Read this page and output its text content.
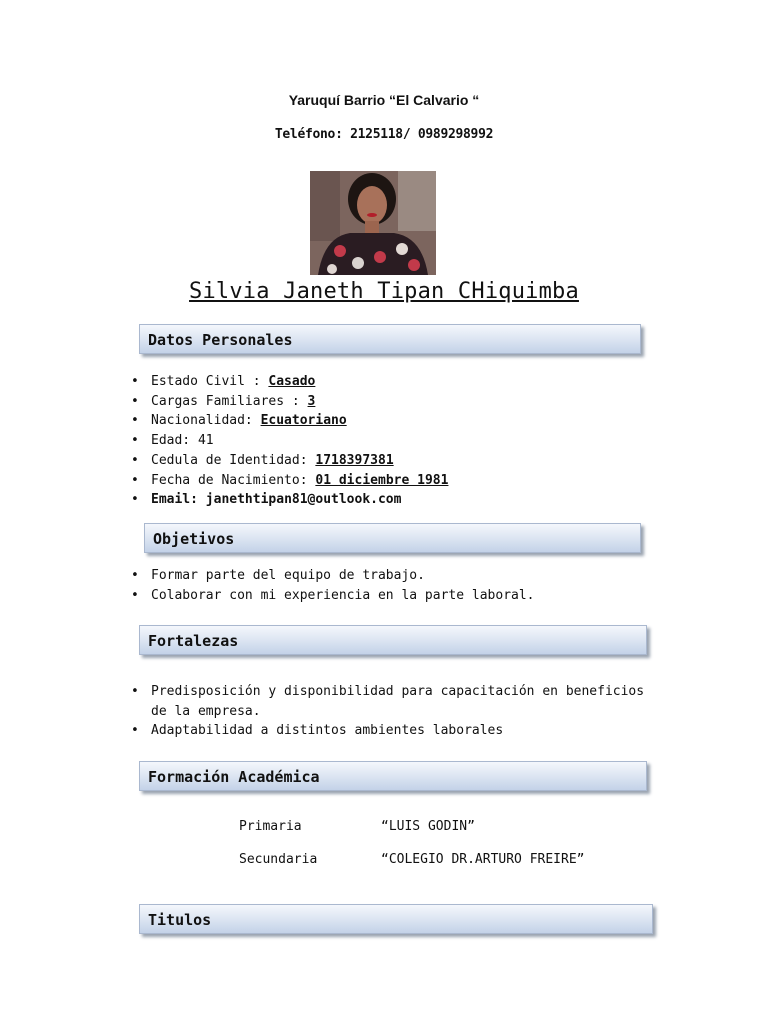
Yaruquí Barrio “El Calvario “
Teléfono: 2125118/ 0989298992
Silvia Janeth Tipan CHiquimba
Datos Personales
• Estado Civil : Casado
• Cargas Familiares : 3
• Nacionalidad: Ecuatoriano
• Edad: 41
• Cedula de Identidad: 1718397381
• Fecha de Nacimiento: 01 diciembre 1981
• Email: janethtipan81@outlook.com
Objetivos
• Formar parte del equipo de trabajo.
• Colaborar con mi experiencia en la parte laboral.
Fortalezas
• Predisposición y disponibilidad para capacitación en beneficios de la empresa.
• Adaptabilidad a distintos ambientes laborales
Formación Académica
Primaria	“LUIS GODIN”
Secundaria	“COLEGIO DR.ARTURO FREIRE”
Titulos
